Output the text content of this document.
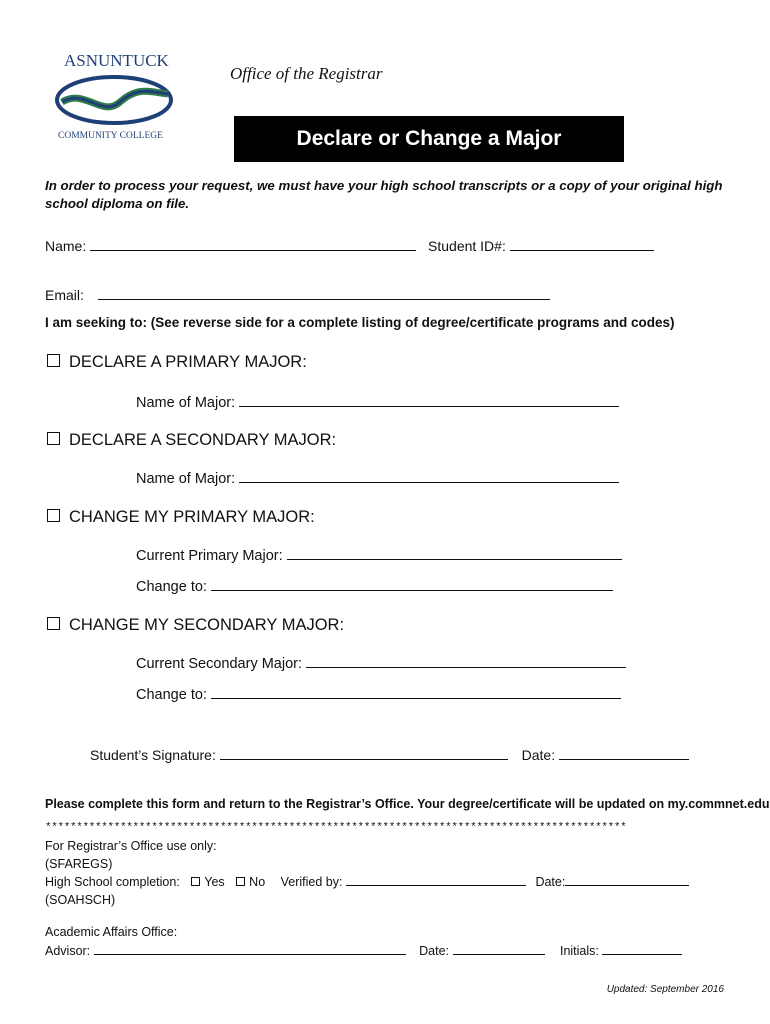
ASNUNTUCK
COMMUNITY COLLEGE
Office of the Registrar
Declare or Change a Major
In order to process your request, we must have your high school transcripts or a copy of your original high school diploma on file.
Name:	Student ID#:
Email:
I am seeking to: (See reverse side for a complete listing of degree/certificate programs and codes)
DECLARE A PRIMARY MAJOR:
Name of Major:
DECLARE A SECONDARY MAJOR:
Name of Major:
CHANGE MY PRIMARY MAJOR:
Current Primary Major:
Change to:
CHANGE MY SECONDARY MAJOR:
Current Secondary Major:
Change to:
Student’s Signature:	Date:
Please complete this form and return to the Registrar’s Office. Your degree/certificate will be updated on my.commnet.edu
*********************************************************************************************
For Registrar’s Office use only:
(SFAREGS)
High School completion: Yes No Verified by:	Date:
(SOAHSCH)
Academic Affairs Office:
Advisor:	Date:	Initials:
Updated: September 2016
